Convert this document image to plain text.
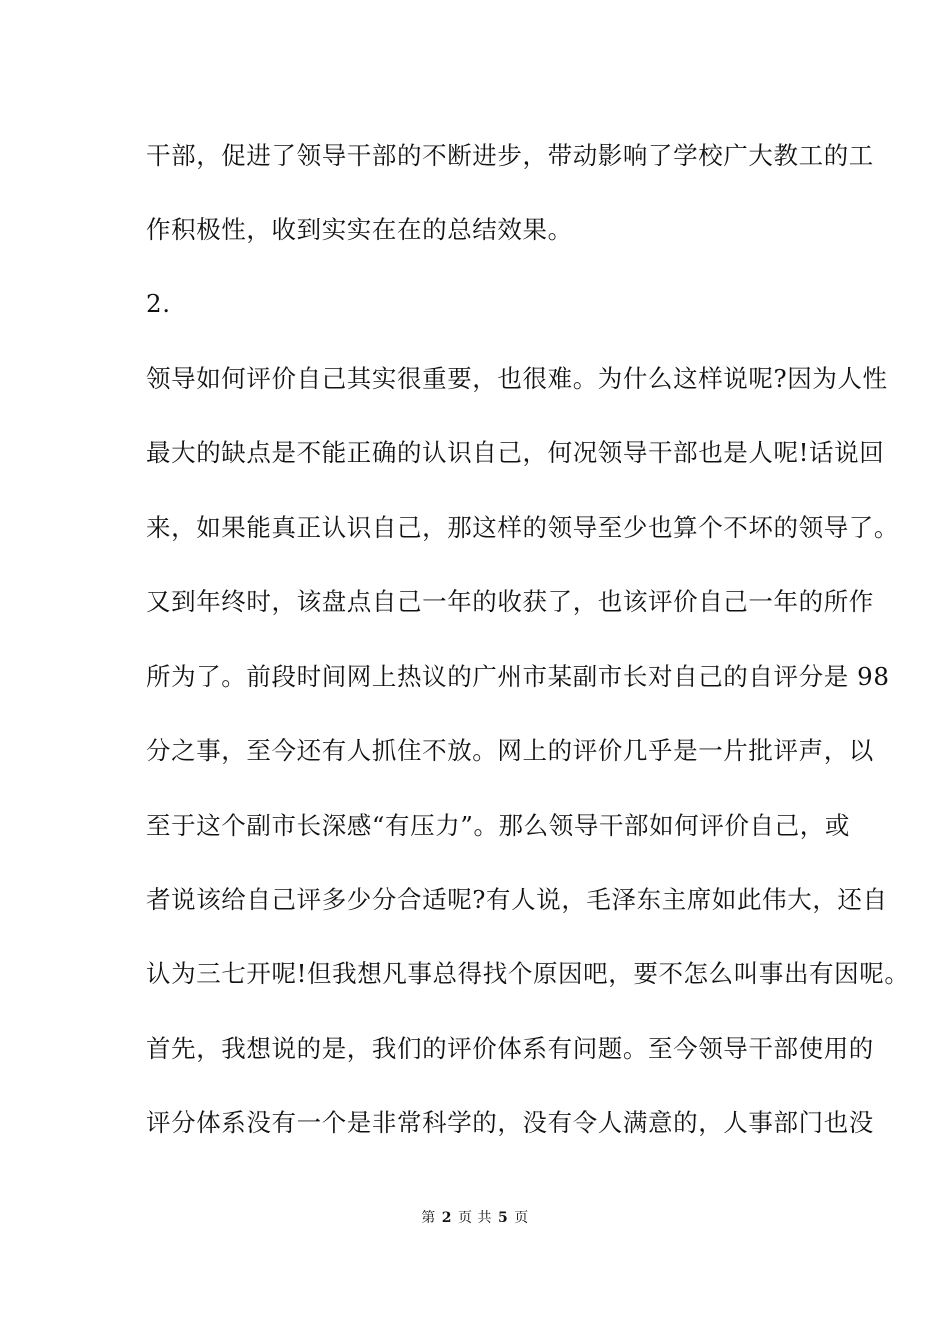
干部，促进了领导干部的不断进步，带动影响了学校广大教工的工
作积极性，收到实实在在的总结效果。
2.
领导如何评价自己其实很重要，也很难。为什么这样说呢?因为人性
最大的缺点是不能正确的认识自己，何况领导干部也是人呢!话说回
来，如果能真正认识自己，那这样的领导至少也算个不坏的领导了。
又到年终时，该盘点自己一年的收获了，也该评价自己一年的所作
所为了。前段时间网上热议的广州市某副市长对自己的自评分是 98
分之事，至今还有人抓住不放。网上的评价几乎是一片批评声，以
至于这个副市长深感“有压力”。那么领导干部如何评价自己，或
者说该给自己评多少分合适呢?有人说，毛泽东主席如此伟大，还自
认为三七开呢!但我想凡事总得找个原因吧，要不怎么叫事出有因呢。
首先，我想说的是，我们的评价体系有问题。至今领导干部使用的
评分体系没有一个是非常科学的，没有令人满意的，人事部门也没
第 2 页 共 5 页
